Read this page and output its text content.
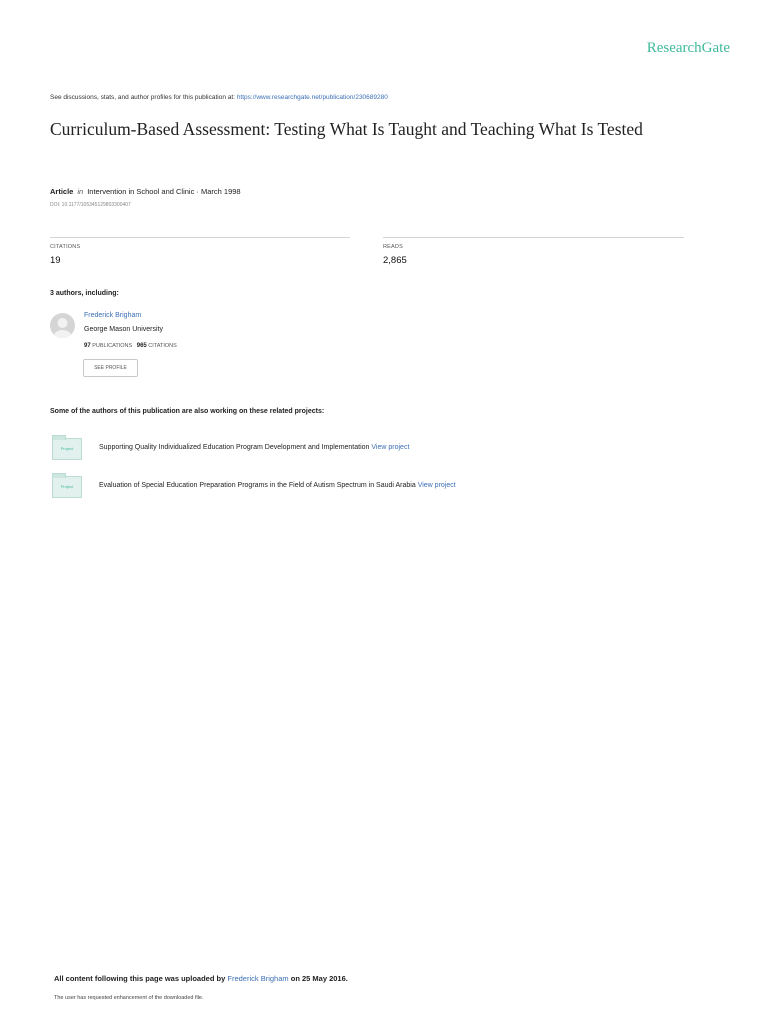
ResearchGate
See discussions, stats, and author profiles for this publication at: https://www.researchgate.net/publication/230689280
Curriculum-Based Assessment: Testing What Is Taught and Teaching What Is Tested
Article in Intervention in School and Clinic · March 1998
DOI: 10.1177/105345129803300407
CITATIONS
19
READS
2,865
3 authors, including:
Frederick Brigham
George Mason University
97 PUBLICATIONS 965 CITATIONS
SEE PROFILE
Some of the authors of this publication are also working on these related projects:
Project	Supporting Quality Individualized Education Program Development and Implementation View project
Project	Evaluation of Special Education Preparation Programs in the Field of Autism Spectrum in Saudi Arabia View project
All content following this page was uploaded by Frederick Brigham on 25 May 2016.
The user has requested enhancement of the downloaded file.
